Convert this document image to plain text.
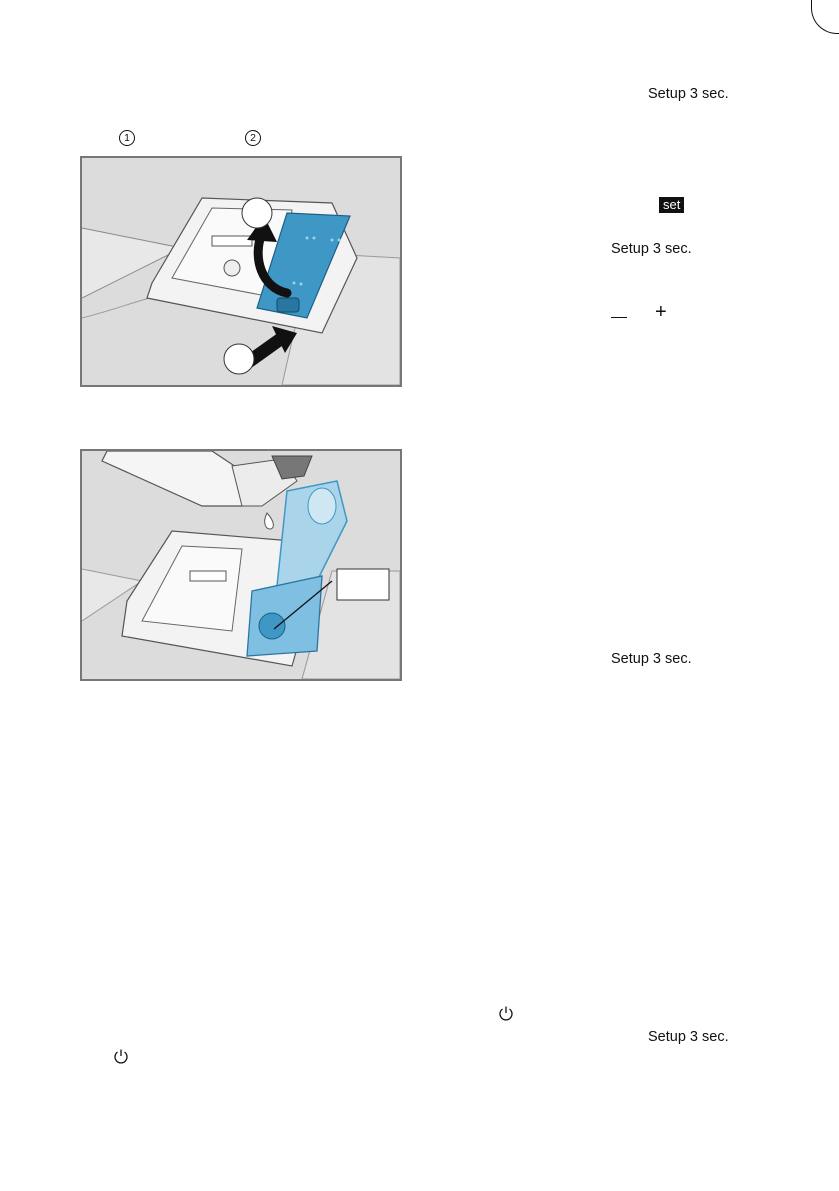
Setup 3 sec.
1	2
set
Setup 3 sec.
+
Setup 3 sec.
Setup 3 sec.
